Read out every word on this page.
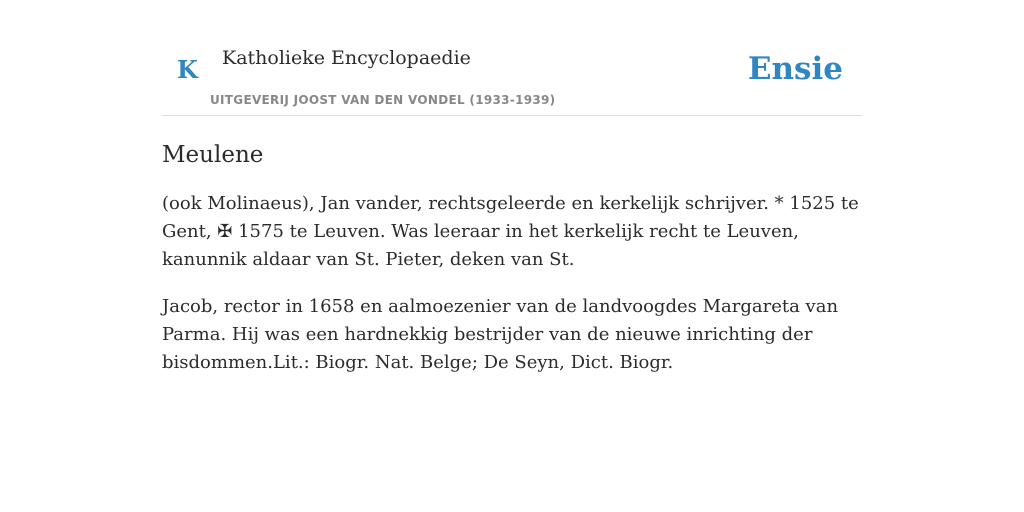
K Katholieke Encyclopaedie
UITGEVERIJ JOOST VAN DEN VONDEL (1933-1939)
Ensie
Meulene

(ook Molinaeus), Jan vander, rechtsgeleerde en kerkelijk schrijver. * 1525 te Gent, ✠ 1575 te Leuven. Was leeraar in het kerkelijk recht te Leuven, kanunnik aldaar van St. Pieter, deken van St.

Jacob, rector in 1658 en aalmoezenier van de landvoogdes Margareta van Parma. Hij was een hardnekkig bestrijder van de nieuwe inrichting der bisdommen.Lit.: Biogr. Nat. Belge; De Seyn, Dict. Biogr.
